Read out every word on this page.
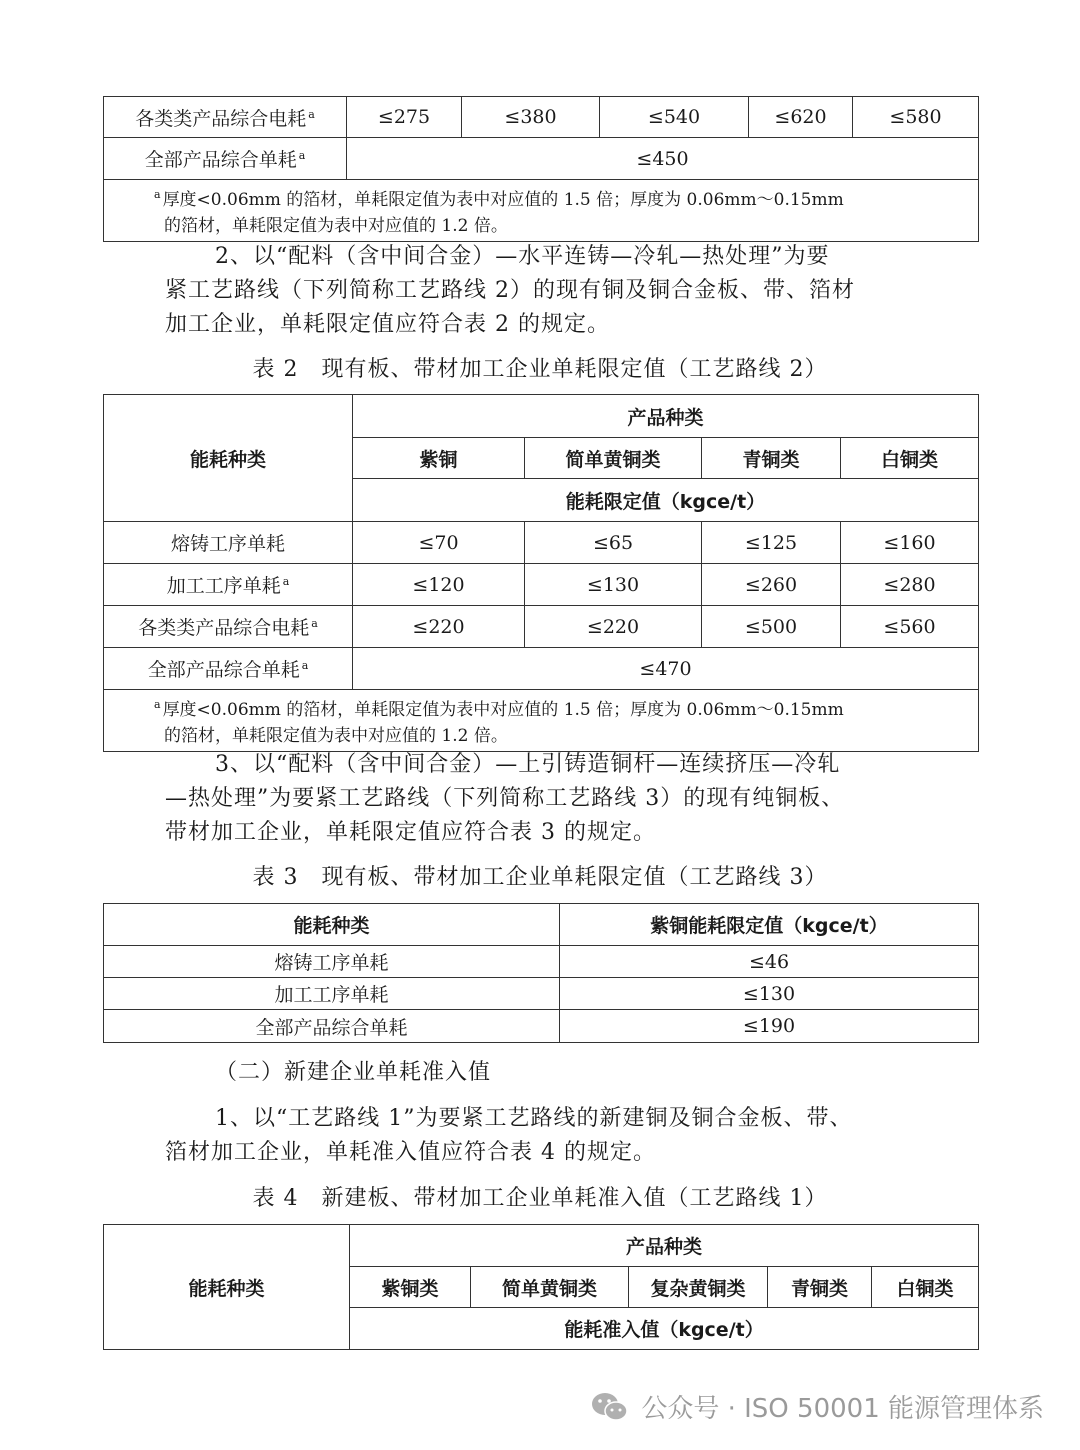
各类类产品综合电耗 $^a$	≤275	≤380	≤540	≤620	≤580
全部产品综合单耗 $^a$	≤450				

$^a$ 厚度<0.06mm 的箔材，单耗限定值为表中对应值的 1.5 倍；厚度为 0.06mm～0.15mm
的箔材，单耗限定值为表中对应值的 1.2 倍。					
2、以“配料（含中间合金）—水平连铸—冷轧—热处理”为要
紧工艺路线（下列简称工艺路线 2）的现有铜及铜合金板、带、箔材
加工企业，单耗限定值应符合表 2 的规定。
表 2　现有板、带材加工企业单耗限定值（工艺路线 2）
能耗种类	产品种类			
	紫铜	简单黄铜类	青铜类	白铜类
	能耗限定值（kgce/t）			
熔铸工序单耗	≤70	≤65	≤125	≤160
加工工序单耗 $^a$	≤120	≤130	≤260	≤280
各类类产品综合电耗 $^a$	≤220	≤220	≤500	≤560
全部产品综合单耗 $^a$	≤470			

$^a$ 厚度<0.06mm 的箔材，单耗限定值为表中对应值的 1.5 倍；厚度为 0.06mm～0.15mm
的箔材，单耗限定值为表中对应值的 1.2 倍。				
3、以“配料（含中间合金）—上引铸造铜杆—连续挤压—冷轧
—热处理”为要紧工艺路线（下列简称工艺路线 3）的现有纯铜板、
带材加工企业，单耗限定值应符合表 3 的规定。
表 3　现有板、带材加工企业单耗限定值（工艺路线 3）
能耗种类	紫铜能耗限定值（kgce/t）
熔铸工序单耗	≤46
加工工序单耗	≤130
全部产品综合单耗	≤190
（二）新建企业单耗准入值
1、以“工艺路线 1”为要紧工艺路线的新建铜及铜合金板、带、
箔材加工企业，单耗准入值应符合表 4 的规定。
表 4　新建板、带材加工企业单耗准入值（工艺路线 1）
能耗种类	产品种类				
	紫铜类	简单黄铜类	复杂黄铜类	青铜类	白铜类
	能耗准入值（kgce/t）				
公众号 · ISO 50001 能源管理体系
